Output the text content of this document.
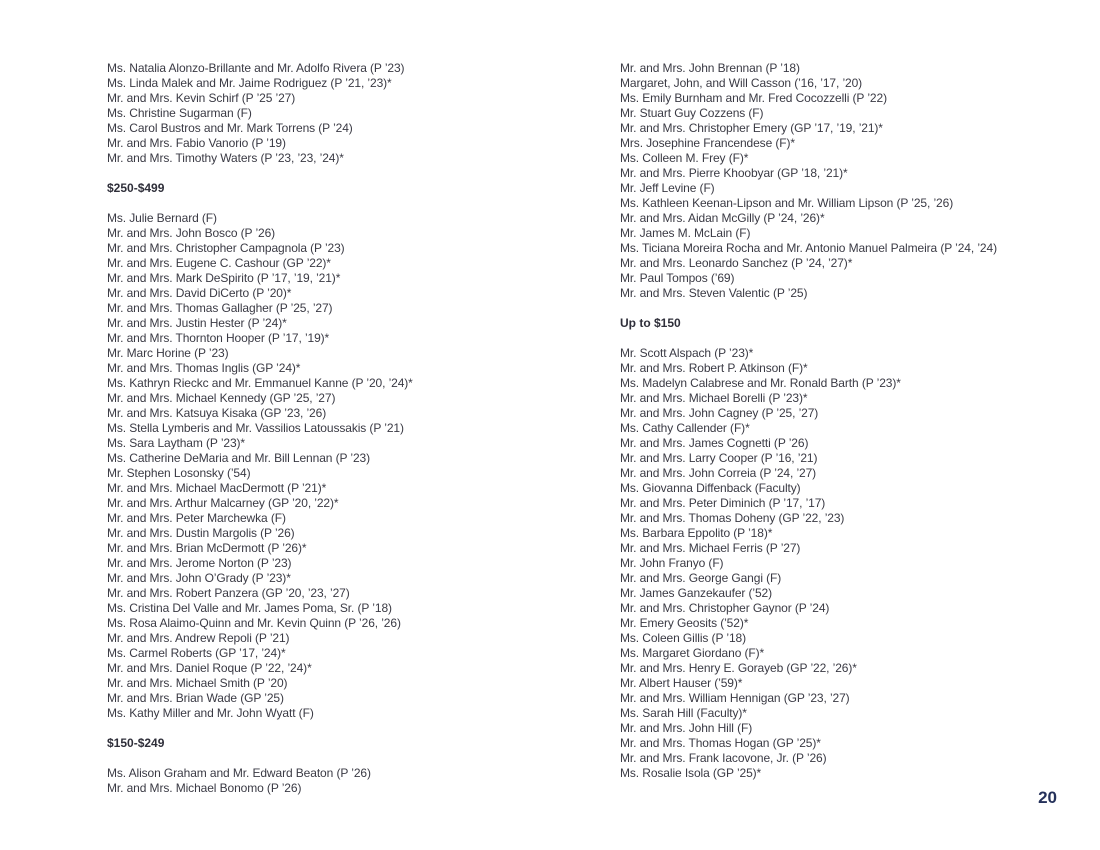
Ms. Natalia Alonzo-Brillante and Mr. Adolfo Rivera (P ’23)
Ms. Linda Malek and Mr. Jaime Rodriguez (P ’21, ’23)*
Mr. and Mrs. Kevin Schirf (P ’25 ’27)
Ms. Christine Sugarman (F)
Ms. Carol Bustros and Mr. Mark Torrens (P ’24)
Mr. and Mrs. Fabio Vanorio (P ’19)
Mr. and Mrs. Timothy Waters (P ’23, ’23, ’24)*
$250-$499
Ms. Julie Bernard (F)
Mr. and Mrs. John Bosco (P ’26)
Mr. and Mrs. Christopher Campagnola (P ’23)
Mr. and Mrs. Eugene C. Cashour (GP ’22)*
Mr. and Mrs. Mark DeSpirito (P ’17, ’19, ’21)*
Mr. and Mrs. David DiCerto (P ’20)*
Mr. and Mrs. Thomas Gallagher (P ’25, ’27)
Mr. and Mrs. Justin Hester (P ’24)*
Mr. and Mrs. Thornton Hooper (P ’17, ’19)*
Mr. Marc Horine (P ’23)
Mr. and Mrs. Thomas Inglis (GP ’24)*
Ms. Kathryn Rieckс and Mr. Emmanuel Kanne (P ’20, ’24)*
Mr. and Mrs. Michael Kennedy (GP ’25, ’27)
Mr. and Mrs. Katsuya Kisaka (GP ’23, ’26)
Ms. Stella Lymberis and Mr. Vassilios Latoussakis (P ’21)
Ms. Sara Laytham (P ’23)*
Ms. Catherine DeMaria and Mr. Bill Lennan (P ’23)
Mr. Stephen Losonsky (’54)
Mr. and Mrs. Michael MacDermott (P ’21)*
Mr. and Mrs. Arthur Malcarney (GP ’20, ’22)*
Mr. and Mrs. Peter Marchewka (F)
Mr. and Mrs. Dustin Margolis (P ’26)
Mr. and Mrs. Brian McDermott (P ’26)*
Mr. and Mrs. Jerome Norton (P ’23)
Mr. and Mrs. John O’Grady (P ’23)*
Mr. and Mrs. Robert Panzera (GP ’20, ’23, ’27)
Ms. Cristina Del Valle and Mr. James Poma, Sr. (P ’18)
Ms. Rosa Alaimo-Quinn and Mr. Kevin Quinn (P ’26, ’26)
Mr. and Mrs. Andrew Repoli (P ’21)
Ms. Carmel Roberts (GP ’17, ’24)*
Mr. and Mrs. Daniel Roque (P ’22, ’24)*
Mr. and Mrs. Michael Smith (P ’20)
Mr. and Mrs. Brian Wade (GP ’25)
Ms. Kathy Miller and Mr. John Wyatt (F)
$150-$249
Ms. Alison Graham and Mr. Edward Beaton (P ’26)
Mr. and Mrs. Michael Bonomo (P ’26)
Mr. and Mrs. John Brennan (P ’18)
Margaret, John, and Will Casson (’16, ’17, ’20)
Ms. Emily Burnham and Mr. Fred Cocozzelli (P ’22)
Mr. Stuart Guy Cozzens (F)
Mr. and Mrs. Christopher Emery (GP ’17, ’19, ’21)*
Mrs. Josephine Francendese (F)*
Ms. Colleen M. Frey (F)*
Mr. and Mrs. Pierre Khoobyar (GP ’18, ’21)*
Mr. Jeff Levine (F)
Ms. Kathleen Keenan-Lipson and Mr. William Lipson (P ’25, ’26)
Mr. and Mrs. Aidan McGilly (P ’24, ’26)*
Mr. James M. McLain (F)
Ms. Ticiana Moreira Rocha and Mr. Antonio Manuel Palmeira (P ’24, ’24)
Mr. and Mrs. Leonardo Sanchez (P ’24, ’27)*
Mr. Paul Tompos (’69)
Mr. and Mrs. Steven Valentic (P ’25)
Up to $150
Mr. Scott Alspach (P ’23)*
Mr. and Mrs. Robert P. Atkinson (F)*
Ms. Madelyn Calabrese and Mr. Ronald Barth (P ’23)*
Mr. and Mrs. Michael Borelli (P ’23)*
Mr. and Mrs. John Cagney (P ’25, ’27)
Ms. Cathy Callender (F)*
Mr. and Mrs. James Cognetti (P ’26)
Mr. and Mrs. Larry Cooper (P ’16, ’21)
Mr. and Mrs. John Correia (P ’24, ’27)
Ms. Giovanna Diffenback (Faculty)
Mr. and Mrs. Peter Diminich (P ’17, ’17)
Mr. and Mrs. Thomas Doheny (GP ’22, ’23)
Ms. Barbara Eppolito (P ’18)*
Mr. and Mrs. Michael Ferris (P ’27)
Mr. John Franyo (F)
Mr. and Mrs. George Gangi (F)
Mr. James Ganzekaufer (’52)
Mr. and Mrs. Christopher Gaynor (P ’24)
Mr. Emery Geosits (’52)*
Ms. Coleen Gillis (P ’18)
Ms. Margaret Giordano (F)*
Mr. and Mrs. Henry E. Gorayeb (GP ’22, ’26)*
Mr. Albert Hauser (’59)*
Mr. and Mrs. William Hennigan (GP ’23, ’27)
Ms. Sarah Hill (Faculty)*
Mr. and Mrs. John Hill (F)
Mr. and Mrs. Thomas Hogan (GP ’25)*
Mr. and Mrs. Frank Iacovone, Jr. (P ’26)
Ms. Rosalie Isola (GP ’25)*
20
